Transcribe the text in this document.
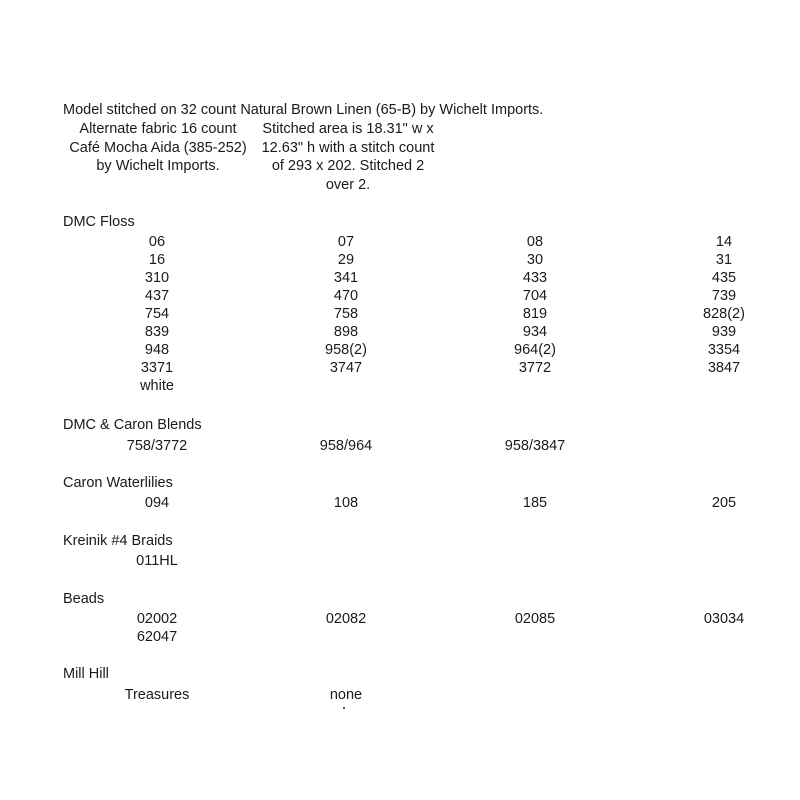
Model stitched on 32 count Natural Brown Linen (65-B) by Wichelt Imports.
Alternate fabric 16 count
Café Mocha Aida (385-252)
by Wichelt Imports.
Stitched area is 18.31" w x
12.63" h with a stitch count
of 293 x 202. Stitched 2
over 2.
DMC Floss
06	07	08	14
16	29	30	31
310	341	433	435
437	470	704	739
754	758	819	828(2)
839	898	934	939
948	958(2)	964(2)	3354
3371	3747	3772	3847
white
DMC & Caron Blends
758/3772	958/964	958/3847
Caron Waterlilies
094	108	185	205
Kreinik #4 Braids
011HL
Beads
02002	02082	02085	03034
62047
Mill Hill
Treasures	none
